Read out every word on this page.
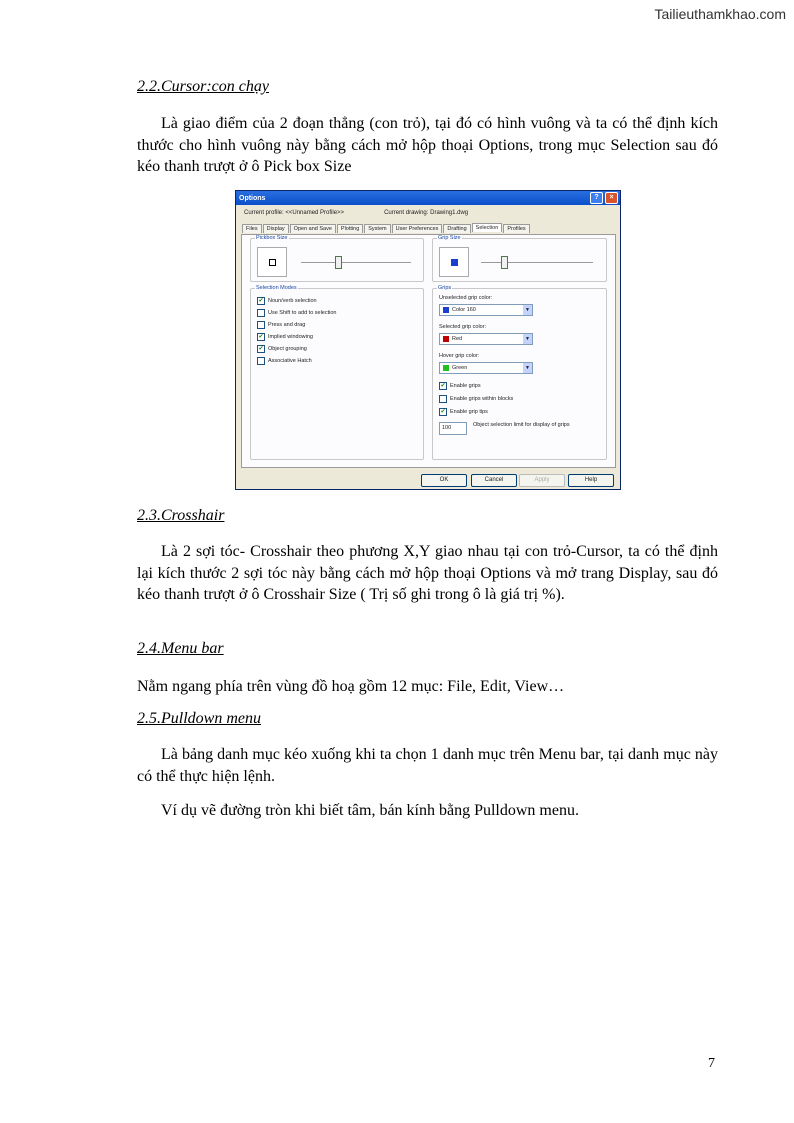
Tailieuthamkhao.com
2.2.Cursor:con chạy
Là giao điểm của 2 đoạn thẳng (con trỏ), tại đó có hình vuông và ta có thể định kích thước cho hình vuông này bằng cách mở hộp thoại Options, trong mục Selection sau đó kéo thanh trượt ở ô Pick box Size
Options	?	×
Current profile: <<Unnamed Profile>>	Current drawing: Drawing1.dwg
Files	Display	Open and Save	Plotting	System	User Preferences	Drafting	Selection	Profiles
Pickbox Size	Grip Size
Selection Modes
✔ Noun/verb selection
Use Shift to add to selection
Press and drag
✔ Implied windowing
✔ Object grouping
Associative Hatch
Grips
Unselected grip color:
Color 160	▼
Selected grip color:
Red	▼
Hover grip color:
Green	▼
✔ Enable grips
Enable grips within blocks
✔ Enable grip tips
100	Object selection limit for display of grips
OK	Cancel	Apply	Help
2.3.Crosshair
Là 2 sợi tóc- Crosshair theo phương X,Y giao nhau tại con trỏ-Cursor, ta có thể định lại kích thước 2 sợi tóc này bằng cách mở hộp thoại Options và mở trang Display, sau đó kéo thanh trượt ở ô Crosshair Size ( Trị số ghi trong ô là giá trị %).
2.4.Menu bar
Nằm ngang phía trên vùng đồ hoạ gồm 12 mục: File, Edit, View…
2.5.Pulldown menu
Là bảng danh mục kéo xuống khi ta chọn 1 danh mục trên Menu bar, tại danh mục này có thể thực hiện lệnh.
Ví dụ vẽ đường tròn khi biết tâm, bán kính bằng Pulldown menu.
7
